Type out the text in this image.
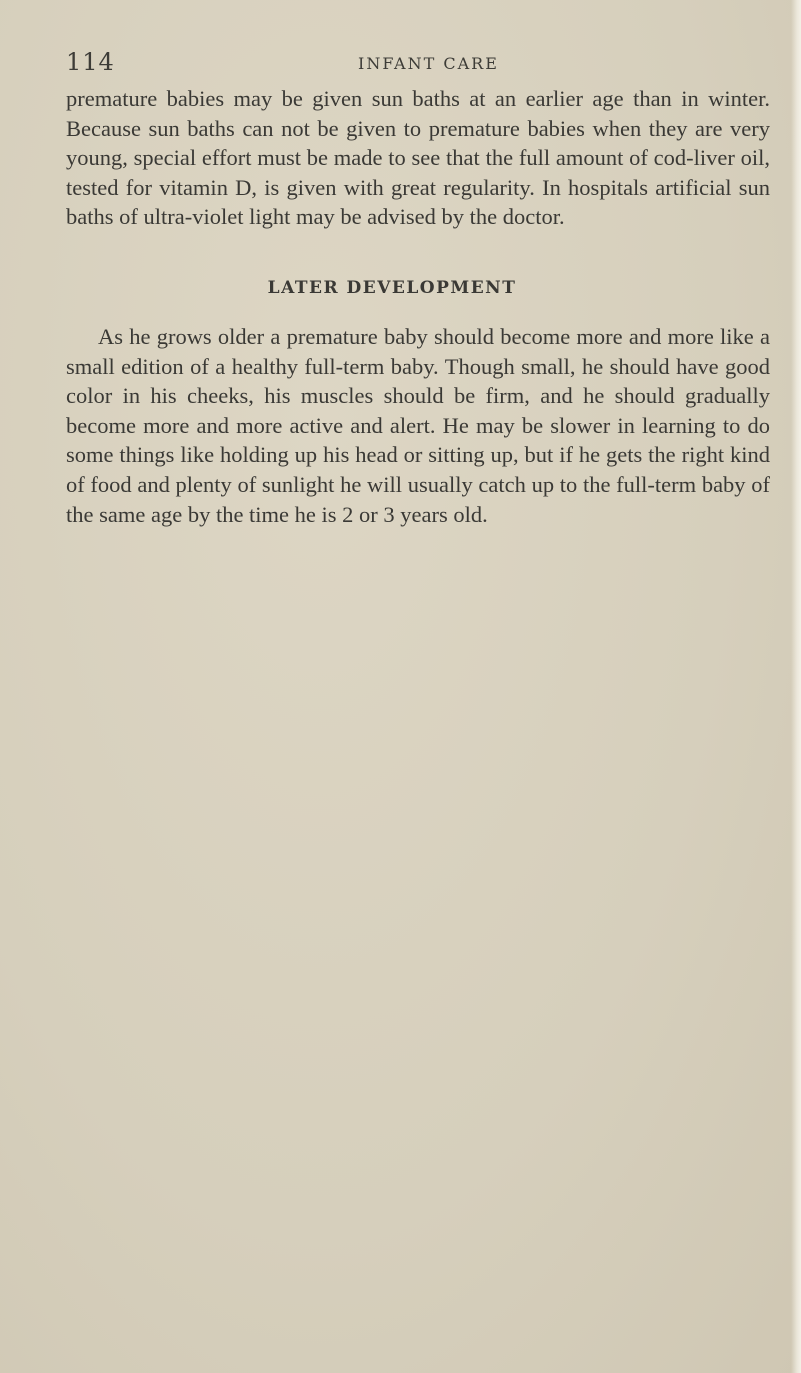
114	INFANT CARE

premature babies may be given sun baths at an earlier age than in winter. Because sun baths can not be given to premature babies when they are very young, special effort must be made to see that the full amount of cod-liver oil, tested for vitamin D, is given with great regularity. In hospitals artificial sun baths of ultra-violet light may be advised by the doctor.

LATER DEVELOPMENT

As he grows older a premature baby should become more and more like a small edition of a healthy full-term baby. Though small, he should have good color in his cheeks, his muscles should be firm, and he should gradually become more and more active and alert. He may be slower in learning to do some things like holding up his head or sitting up, but if he gets the right kind of food and plenty of sunlight he will usually catch up to the full-term baby of the same age by the time he is 2 or 3 years old.
